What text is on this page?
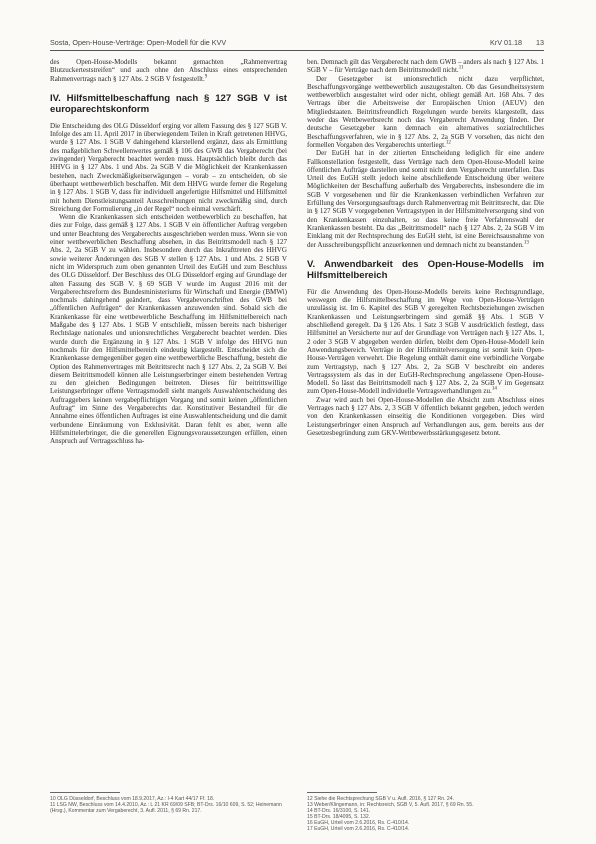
Sosta, Open-House-Verträge: Open-Modell für die KVV	KrV 01.18 13

des Open-House-Modells bekannt gemachten „Rahmenvertrag Blutzuckerteststreifen“ und auch ohne den Abschluss eines entsprechenden Rahmenvertrags nach § 127 Abs. 2 SGB V festgestellt.$^9$

IV. Hilfsmittelbeschaffung nach § 127 SGB V ist europarechtskonform

Die Entscheidung des OLG Düsseldorf erging vor allem Fassung des § 127 SGB V. Infolge des am 11. April 2017 in überwiegendem Teilen in Kraft getretenen HHVG, wurde § 127 Abs. 1 SGB V dahingehend klarstellend ergänzt, dass als Ermittlung des maßgeblichen Schwellenwertes gemäß § 106 des GWB das Vergaberecht (bei zwingender) Vergaberecht beachtet werden muss. Hauptsächlich bleibt durch das HHVG in § 127 Abs. 1 und Abs. 2a SGB V die Möglichkeit der Krankenkassen bestehen, nach Zweckmäßigkeitserwägungen – vorab – zu entscheiden, ob sie überhaupt wettbewerblich beschaffen. Mit dem HHVG wurde ferner die Regelung in § 127 Abs. 1 SGB V, dass für individuell angefertigte Hilfsmittel und Hilfsmittel mit hohem Dienstleistungsanteil Ausschreibungen nicht zweckmäßig sind, durch Streichung der Formulierung „in der Regel“ noch einmal verschärft.

Wenn die Krankenkassen sich entscheiden wettbewerblich zu beschaffen, hat dies zur Folge, dass gemäß § 127 Abs. 1 SGB V ein öffentlicher Auftrag vergeben und unter Beachtung des Vergaberechts ausgeschrieben werden muss. Wenn sie von einer wettbewerblichen Beschaffung absehen, in das Beitrittsmodell nach § 127 Abs. 2, 2a SGB V zu wählen. Insbesondere durch das Inkrafttreten des HHVG sowie weiterer Änderungen des SGB V stellen § 127 Abs. 1 und Abs. 2 SGB V nicht im Widerspruch zum oben genannten Urteil des EuGH und zum Beschluss des OLG Düsseldorf. Der Beschluss des OLG Düsseldorf erging auf Grundlage der alten Fassung des SGB V. § 69 SGB V wurde im August 2016 mit der Vergaberechtsreform des Bundesministeriums für Wirtschaft und Energie (BMWi) nochmals dahingehend geändert, dass Vergabevorschriften des GWB bei „öffentlichen Aufträgen“ der Krankenkassen anzuwenden sind. Sobald sich die Krankenkasse für eine wettbewerbliche Beschaffung im Hilfsmittelbereich nach Maßgabe des § 127 Abs. 1 SGB V entschließt, müssen bereits nach bisheriger Rechtslage nationales und unionsrechtliches Vergaberecht beachtet werden. Dies wurde durch die Ergänzung in § 127 Abs. 1 SGB V infolge des HHVG nun nochmals für den Hilfsmittelbereich eindeutig klargestellt. Entscheidet sich die Krankenkasse demgegenüber gegen eine wettbewerbliche Beschaffung, besteht die Option des Rahmenvertrages mit Beitrittsrecht nach § 127 Abs. 2, 2a SGB V. Bei diesem Beitrittsmodell können alle Leistungserbringer einem bestehenden Vertrag zu den gleichen Bedingungen beitreten. Dieses für beitrittswillige Leistungserbringer offene Vertragsmodell sieht mangels Auswahlentscheidung des Auftraggebers keinen vergabepflichtigen Vorgang und somit keinen „öffentlichen Auftrag“ im Sinne des Vergaberechts dar. Konstitutiver Bestandteil für die Annahme eines öffentlichen Auftrages ist eine Auswahlentscheidung und die damit verbundene Einräumung von Exklusivität. Daran fehlt es aber, wenn alle Hilfsmittelerbringer, die die generellen Eignungsvoraussetzungen erfüllen, einen Anspruch auf Vertragsschluss ha-

ben. Demnach gilt das Vergaberecht nach dem GWB – anders als nach § 127 Abs. 1 SGB V – für Verträge nach dem Beitrittsmodell nicht.$^{11}$

Der Gesetzgeber ist unionsrechtlich nicht dazu verpflichtet, Beschaffungsvorgänge wettbewerblich auszugestalten. Ob das Gesundheitssystem wettbewerblich ausgestaltet wird oder nicht, obliegt gemäß Art. 168 Abs. 7 des Vertrags über die Arbeitsweise der Europäischen Union (AEUV) den Mitgliedstaaten. Beitrittsfreundlich Regelungen wurde bereits klargestellt, dass weder das Wettbewerbsrecht noch das Vergaberecht Anwendung finden. Der deutsche Gesetzgeber kann demnach ein alternatives sozialrechtliches Beschaffungsverfahren, wie in § 127 Abs. 2, 2a SGB V vorsehen, das nicht den formellen Vorgaben des Vergaberechts unterliegt.$^{12}$

Der EuGH hat in der zitierten Entscheidung lediglich für eine andere Fallkonstellation festgestellt, dass Verträge nach dem Open-House-Modell keine öffentlichen Aufträge darstellen und somit nicht dem Vergaberecht unterfallen. Das Urteil des EuGH stellt jedoch keine abschließende Entscheidung über weitere Möglichkeiten der Beschaffung außerhalb des Vergaberechts, insbesondere die im SGB V vorgesehenen und für die Krankenkassen verbindlichen Verfahren zur Erfüllung des Versorgungsauftrags durch Rahmenvertrag mit Beitrittsrecht, dar. Die in § 127 SGB V vorgegebenen Vertragstypen in der Hilfsmittelversorgung sind von den Krankenkassen einzuhalten, so dass keine freie Verfahrenswahl der Krankenkassen besteht. Da das „Beitrittsmodell“ nach § 127 Abs. 2, 2a SGB V im Einklang mit der Rechtsprechung des EuGH steht, ist eine Bereichsausnahme von der Ausschreibungspflicht anzuerkennen und demnach nicht zu beanstanden.$^{13}$

V. Anwendbarkeit des Open-House-Modells im Hilfsmittelbereich

Für die Anwendung des Open-House-Modells bereits keine Rechtsgrundlage, weswegen die Hilfsmittelbeschaffung im Wege von Open-House-Verträgen unzulässig ist. Im 6. Kapitel des SGB V geregelten Rechtsbeziehungen zwischen Krankenkassen und Leistungserbringern sind gemäß §§ Abs. 1 SGB V abschließend geregelt. Da § 126 Abs. 1 Satz 3 SGB V ausdrücklich festlegt, dass Hilfsmittel an Versicherte nur auf der Grundlage von Verträgen nach § 127 Abs. 1, 2 oder 3 SGB V abgegeben werden dürfen, bleibt dem Open-House-Modell kein Anwendungsbereich. Verträge in der Hilfsmittelversorgung ist somit kein Open-House-Verträgen verwehrt. Die Regelung enthält damit eine verbindliche Vorgabe zum Vertragstyp, nach § 127 Abs. 2, 2a SGB V beschreibt ein anderes Vertragssystem als das in der EuGH-Rechtsprechung angelassene Open-House-Modell. So lässt das Beitrittsmodell nach § 127 Abs. 2, 2a SGB V im Gegensatz zum Open-House-Modell individuelle Vertragsverhandlungen zu.$^{14}$

Zwar wird auch bei Open-House-Modellen die Absicht zum Abschluss eines Vertrages nach § 127 Abs. 2, 3 SGB V öffentlich bekannt gegeben, jedoch werden von den Krankenkassen einseitig die Konditionen vorgegeben. Dies wird Leistungserbringer einen Anspruch auf Verhandlungen aus, gem. bereits aus der Gesetzesbegründung zum GKV-Wettbewerbsstärkungsgesetz betont.

10 OLG Düsseldorf, Beschluss vom 18.9.2017, Az.: I-4 Kart 44/17 Ff. 18.
11 LSG NW, Beschluss vom 14.4.2010, Az.: L 21 KR 69/09 SFB; BT-Drs. 16/10 609, S. 52; Heinemann (Hrsg.), Kommentar zum Vergaberecht, 3. Aufl. 2011, § 69 Rn. 217.
12 Siehe die Rechtsprechung SGB V u. Aufl. 2016, § 127 Rn. 24.
13 Weber/Klingemann, in: Rechtsreich, SGB V, 5. Aufl. 2017, § 69 Rn. 55.
14 BT-Drs. 16/3100, S. 141.
15 BT-Drs. 18/4095, S. 132.
16 EuGH, Urteil vom 2.6.2016, Rs. C-410/14.
17 EuGH, Urteil vom 2.6.2016, Rs. C-410/14.
